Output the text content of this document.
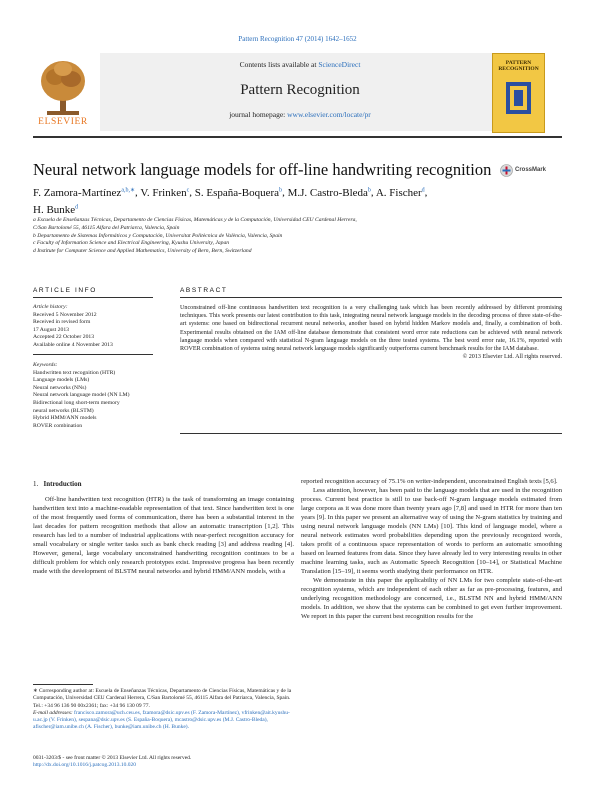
Pattern Recognition 47 (2014) 1642–1652
ELSEVIER
Contents lists available at ScienceDirect
Pattern Recognition
journal homepage: www.elsevier.com/locate/pr
PATTERN RECOGNITION
Neural network language models for off-line handwriting recognition	CrossMark
F. Zamora-Martínez$^{a,b,∗}$, V. Frinken$^c$, S. España-Boquera$^b$, M.J. Castro-Bleda$^b$, A. Fischer$^d$,
H. Bunke$^d$
a Escuela de Enseñanzas Técnicas, Departamento de Ciencias Físicas, Matemáticas y de la Computación, Universidad CEU Cardenal Herrera,
C/San Bartolomé 55, 46115 Alfara del Patriarca, Valencia, Spain
b Departamento de Sistemas Informáticos y Computación, Universitat Politècnica de València, Valencia, Spain
c Faculty of Information Science and Electrical Engineering, Kyushu University, Japan
d Institute for Computer Science and Applied Mathematics, University of Bern, Bern, Switzerland
ARTICLE INFO
Article history:
Received 5 November 2012
Received in revised form
17 August 2013
Accepted 22 October 2013
Available online 4 November 2013
Keywords:
Handwritten text recognition (HTR)
Language models (LMs)
Neural networks (NNs)
Neural network language model (NN LM)
Bidirectional long short-term memory
neural networks (BLSTM)
Hybrid HMM/ANN models
ROVER combination
ABSTRACT
Unconstrained off-line continuous handwritten text recognition is a very challenging task which has been recently addressed by different promising techniques. This work presents our latest contribution to this task, integrating neural network language models in the decoding process of three state-of-the-art systems: one based on bidirectional recurrent neural networks, another based on hybrid hidden Markov models and, finally, a combination of both. Experimental results obtained on the IAM off-line database demonstrate that consistent word error rate reductions can be achieved with neural network language models when compared with statistical N-gram language models on the three tested systems. The best word error rate, 16.1%, reported with ROVER combination of systems using neural network language models significantly outperforms current benchmark results for the IAM database.
© 2013 Elsevier Ltd. All rights reserved.
1. Introduction

Off-line handwritten text recognition (HTR) is the task of transforming an image containing handwritten text into a machine-readable representation of that text. Since handwritten text is one of the most frequently used forms of communication, there has been a substantial interest in the last decades for pattern recognition methods that allow an automatic transcription [1,2]. This research has led to a number of industrial applications with near-perfect recognition accuracy for small vocabulary or single writer tasks such as bank check reading [3] and address reading [4]. However, general, large vocabulary unconstrained handwriting recognition continues to be a difficult problem for which only research prototypes exist. Impressive progress has been recently made with the development of BLSTM neural networks and hybrid HMM/ANN models, with a

reported recognition accuracy of 75.1% on writer-independent, unconstrained English texts [5,6].

Less attention, however, has been paid to the language models that are used in the recognition process. Current best practice is still to use back-off N-gram language models estimated from large corpora as it was done more than twenty years ago [7,8] and used in HTR for more than ten years [9]. In this paper we present an alternative way of using the N-gram statistics by training and using neural network language models (NN LMs) [10]. This kind of language model, where a neural network estimates word probabilities depending upon the previously recognized words, takes profit of a continuous space representation of words to perform an automatic smoothing based on learned features from data. Since they have already led to very interesting results in other machine learning tasks, such as Automatic Speech Recognition [10–14], or Statistical Machine Translation [15–19], it seems worth studying their performance on HTR.

We demonstrate in this paper the applicability of NN LMs for two complete state-of-the-art recognition systems, which are independent of each other as far as pre-processing, features, and underlying recognition methodology are concerned, i.e., BLSTM NN and hybrid HMM/ANN models. In addition, we show that the systems can be combined to get even further improvement. We report in this paper the current best recognition results for the

∗ Corresponding author at: Escuela de Enseñanzas Técnicas, Departamento de Ciencias Físicas, Matemáticas y de la Computación, Universidad CEU Cardenal Herrera, C/San Bartolomé 55, 46115 Alfara del Patriarca, Valencia, Spain.
Tel.: +34 96 136 90 00x2361; fax: +34 96 130 09 77.
E-mail addresses: francisco.zamora@uch.ceu.es, fzamora@dsic.upv.es (F. Zamora-Martínez), vfrinken@ait.kyushu-u.ac.jp (V. Frinken), sespana@dsic.upv.es (S. España-Boquera), mcastro@dsic.upv.es (M.J. Castro-Bleda), afischer@iam.unibe.ch (A. Fischer), bunke@iam.unibe.ch (H. Bunke).
0031-3203/$ - see front matter © 2013 Elsevier Ltd. All rights reserved.
http://dx.doi.org/10.1016/j.patcog.2013.10.020
